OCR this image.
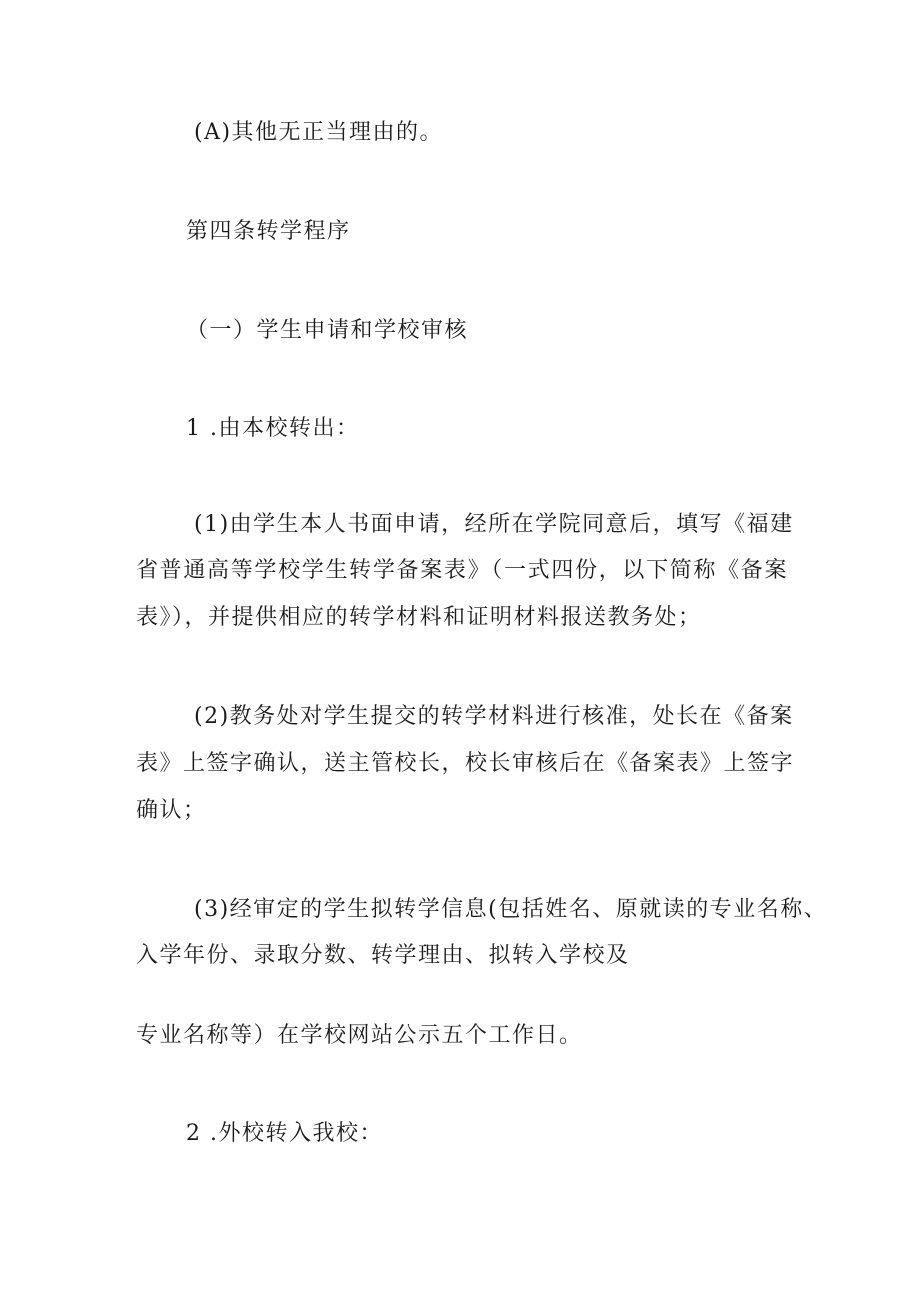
(A)其他无正当理由的。
第四条转学程序
（一）学生申请和学校审核
1 .由本校转出：
(1)由学生本人书面申请，经所在学院同意后，填写《福建
省普通高等学校学生转学备案表》（一式四份，以下简称《备案
表》），并提供相应的转学材料和证明材料报送教务处；
(2)教务处对学生提交的转学材料进行核准，处长在《备案
表》上签字确认，送主管校长，校长审核后在《备案表》上签字
确认；
(3)经审定的学生拟转学信息(包括姓名、原就读的专业名称、
入学年份、录取分数、转学理由、拟转入学校及
专业名称等）在学校网站公示五个工作日。
2 .外校转入我校：
